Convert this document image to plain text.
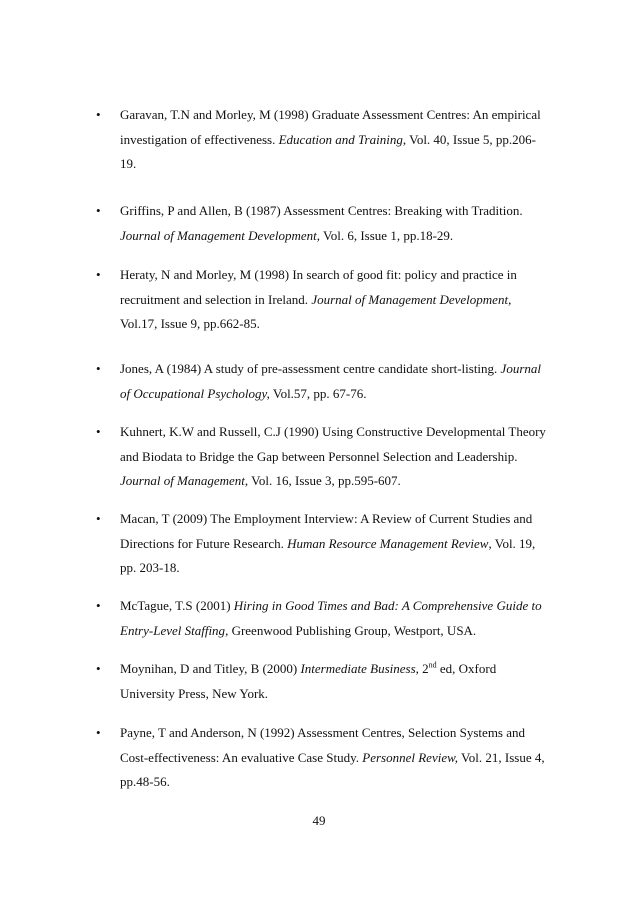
•	Garavan, T.N and Morley, M (1998) Graduate Assessment Centres: An empirical
investigation of effectiveness. Education and Training, Vol. 40, Issue 5, pp.206-
19.
•	Griffins, P and Allen, B (1987) Assessment Centres: Breaking with Tradition.
Journal of Management Development, Vol. 6, Issue 1, pp.18-29.
•	Heraty, N and Morley, M (1998) In search of good fit: policy and practice in
recruitment and selection in Ireland. Journal of Management Development,
Vol.17, Issue 9, pp.662-85.
•	Jones, A (1984) A study of pre-assessment centre candidate short-listing. Journal
of Occupational Psychology, Vol.57, pp. 67-76.
•	Kuhnert, K.W and Russell, C.J (1990) Using Constructive Developmental Theory
and Biodata to Bridge the Gap between Personnel Selection and Leadership.
Journal of Management, Vol. 16, Issue 3, pp.595-607.
•	Macan, T (2009) The Employment Interview: A Review of Current Studies and
Directions for Future Research. Human Resource Management Review, Vol. 19,
pp. 203-18.
•	McTague, T.S (2001) Hiring in Good Times and Bad: A Comprehensive Guide to
Entry-Level Staffing, Greenwood Publishing Group, Westport, USA.
•	Moynihan, D and Titley, B (2000) Intermediate Business, 2nd ed, Oxford
University Press, New York.
•	Payne, T and Anderson, N (1992) Assessment Centres, Selection Systems and
Cost-effectiveness: An evaluative Case Study. Personnel Review, Vol. 21, Issue 4,
pp.48-56.
49
